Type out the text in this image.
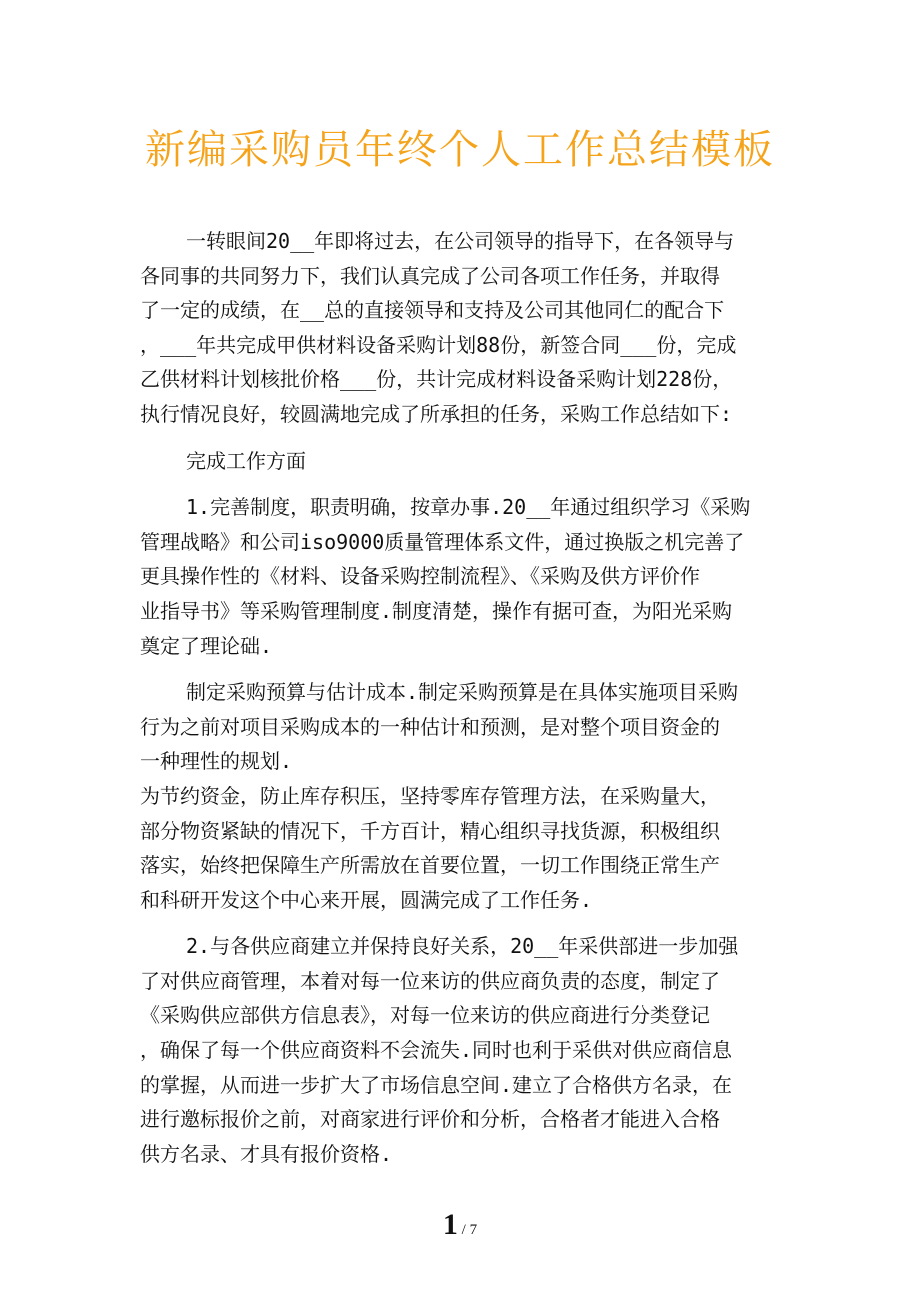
新编采购员年终个人工作总结模板
一转眼间20__年即将过去，在公司领导的指导下，在各领导与
各同事的共同努力下，我们认真完成了公司各项工作任务，并取得
了一定的成绩，在__总的直接领导和支持及公司其他同仁的配合下
，___年共完成甲供材料设备采购计划88份，新签合同___份，完成
乙供材料计划核批价格___份，共计完成材料设备采购计划228份，
执行情况良好，较圆满地完成了所承担的任务，采购工作总结如下:
完成工作方面
1.完善制度，职责明确，按章办事.20__年通过组织学习《采购
管理战略》和公司iso9000质量管理体系文件，通过换版之机完善了
更具操作性的《材料、设备采购控制流程》、《采购及供方评价作
业指导书》等采购管理制度.制度清楚，操作有据可查，为阳光采购
奠定了理论础.
制定采购预算与估计成本.制定采购预算是在具体实施项目采购
行为之前对项目采购成本的一种估计和预测，是对整个项目资金的
一种理性的规划.
为节约资金，防止库存积压，坚持零库存管理方法，在采购量大，
部分物资紧缺的情况下，千方百计，精心组织寻找货源，积极组织
落实，始终把保障生产所需放在首要位置，一切工作围绕正常生产
和科研开发这个中心来开展，圆满完成了工作任务.
2.与各供应商建立并保持良好关系，20__年采供部进一步加强
了对供应商管理，本着对每一位来访的供应商负责的态度，制定了
《采购供应部供方信息表》，对每一位来访的供应商进行分类登记
，确保了每一个供应商资料不会流失.同时也利于采供对供应商信息
的掌握，从而进一步扩大了市场信息空间.建立了合格供方名录，在
进行邀标报价之前，对商家进行评价和分析，合格者才能进入合格
供方名录、才具有报价资格.
1 / 7
